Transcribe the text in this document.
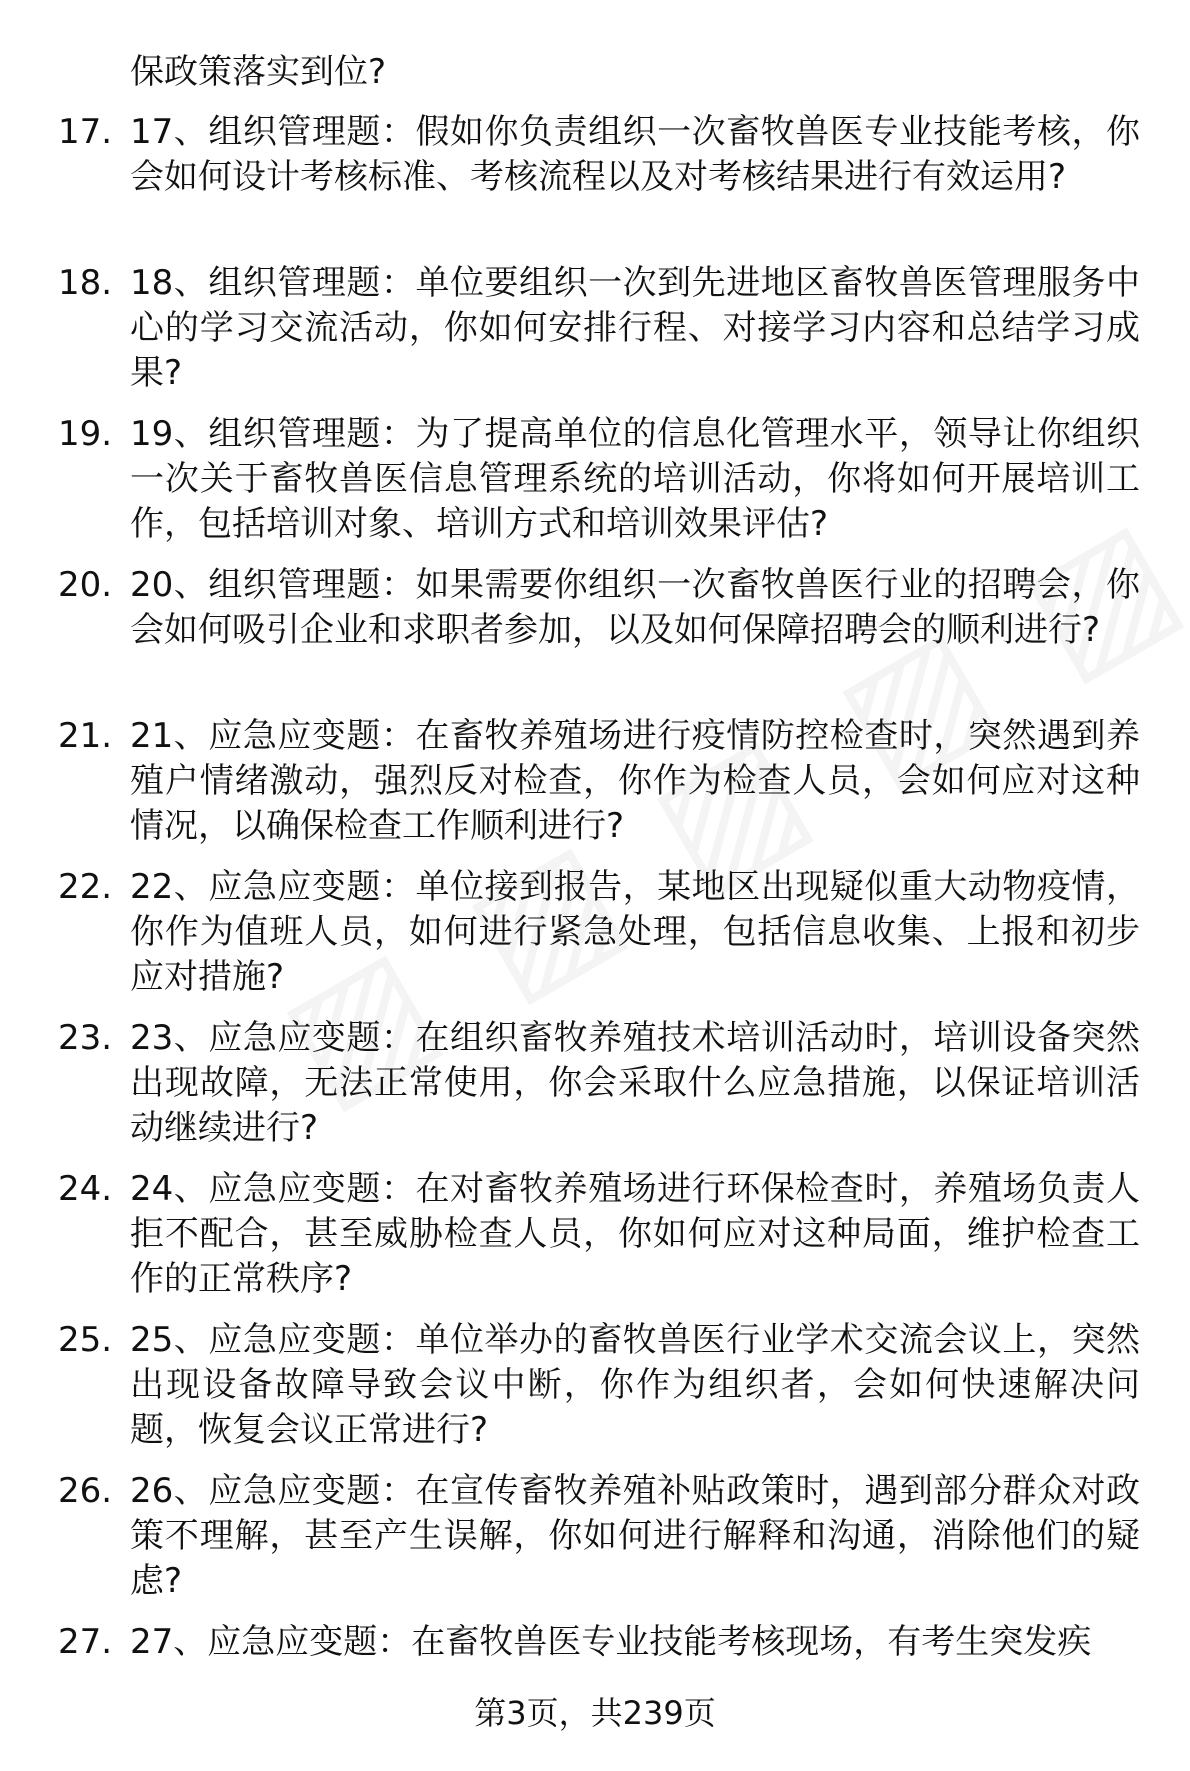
保政策落实到位?
17. 17、组织管理题：假如你负责组织一次畜牧兽医专业技能考核，你会如何设计考核标准、考核流程以及对考核结果进行有效运用?
18. 18、组织管理题：单位要组织一次到先进地区畜牧兽医管理服务中心的学习交流活动，你如何安排行程、对接学习内容和总结学习成果?
19. 19、组织管理题：为了提高单位的信息化管理水平，领导让你组织一次关于畜牧兽医信息管理系统的培训活动，你将如何开展培训工作，包括培训对象、培训方式和培训效果评估?
20. 20、组织管理题：如果需要你组织一次畜牧兽医行业的招聘会，你会如何吸引企业和求职者参加，以及如何保障招聘会的顺利进行?
21. 21、应急应变题：在畜牧养殖场进行疫情防控检查时，突然遇到养殖户情绪激动，强烈反对检查，你作为检查人员，会如何应对这种情况，以确保检查工作顺利进行?
22. 22、应急应变题：单位接到报告，某地区出现疑似重大动物疫情，你作为值班人员，如何进行紧急处理，包括信息收集、上报和初步应对措施?
23. 23、应急应变题：在组织畜牧养殖技术培训活动时，培训设备突然出现故障，无法正常使用，你会采取什么应急措施，以保证培训活动继续进行?
24. 24、应急应变题：在对畜牧养殖场进行环保检查时，养殖场负责人拒不配合，甚至威胁检查人员，你如何应对这种局面，维护检查工作的正常秩序?
25. 25、应急应变题：单位举办的畜牧兽医行业学术交流会议上，突然出现设备故障导致会议中断，你作为组织者，会如何快速解决问题，恢复会议正常进行?
26. 26、应急应变题：在宣传畜牧养殖补贴政策时，遇到部分群众对政策不理解，甚至产生误解，你如何进行解释和沟通，消除他们的疑虑?
27. 27、应急应变题：在畜牧兽医专业技能考核现场，有考生突发疾
第3页，共239页
